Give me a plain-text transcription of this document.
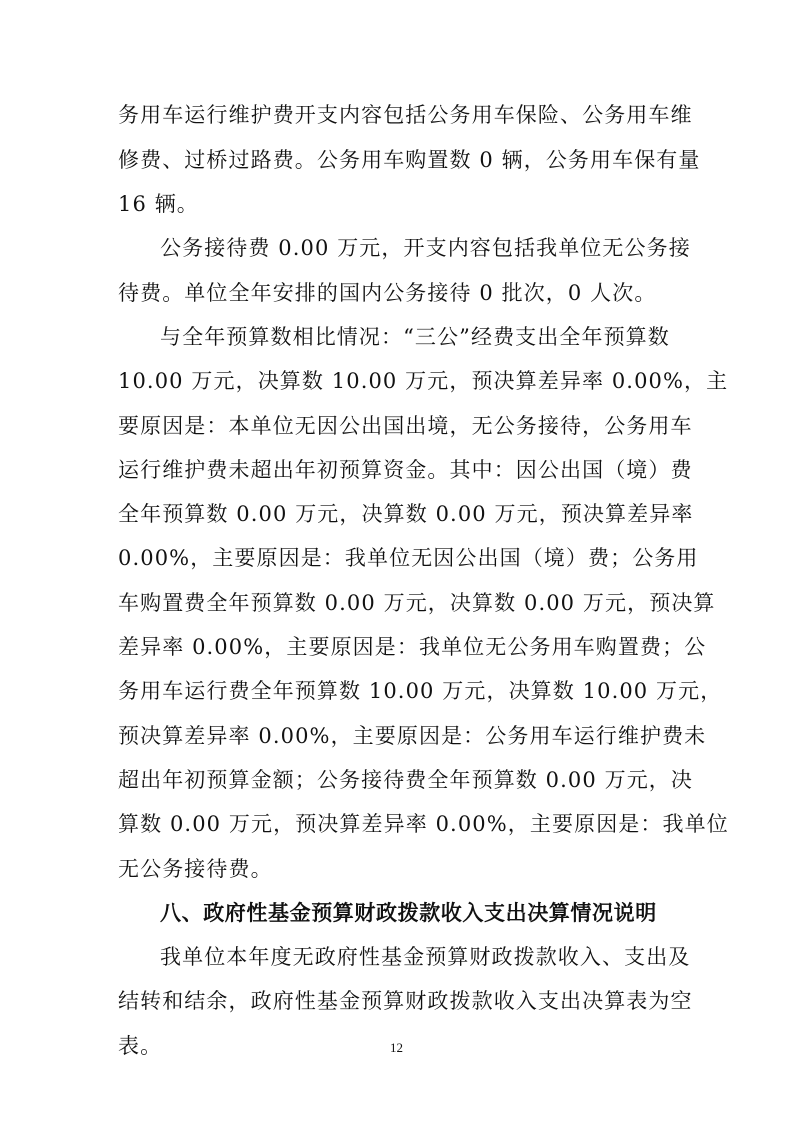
务用车运行维护费开支内容包括公务用车保险、公务用车维
修费、过桥过路费。公务用车购置数 0 辆，公务用车保有量
16 辆。
公务接待费 0.00 万元，开支内容包括我单位无公务接
待费。单位全年安排的国内公务接待 0 批次，0 人次。
与全年预算数相比情况：“三公”经费支出全年预算数
10.00 万元，决算数 10.00 万元，预决算差异率 0.00%，主
要原因是：本单位无因公出国出境，无公务接待，公务用车
运行维护费未超出年初预算资金。其中：因公出国（境）费
全年预算数 0.00 万元，决算数 0.00 万元，预决算差异率
0.00%，主要原因是：我单位无因公出国（境）费；公务用
车购置费全年预算数 0.00 万元，决算数 0.00 万元，预决算
差异率 0.00%，主要原因是：我单位无公务用车购置费；公
务用车运行费全年预算数 10.00 万元，决算数 10.00 万元，
预决算差异率 0.00%，主要原因是：公务用车运行维护费未
超出年初预算金额；公务接待费全年预算数 0.00 万元，决
算数 0.00 万元，预决算差异率 0.00%，主要原因是：我单位
无公务接待费。
八、政府性基金预算财政拨款收入支出决算情况说明
我单位本年度无政府性基金预算财政拨款收入、支出及
结转和结余，政府性基金预算财政拨款收入支出决算表为空
表。	12
